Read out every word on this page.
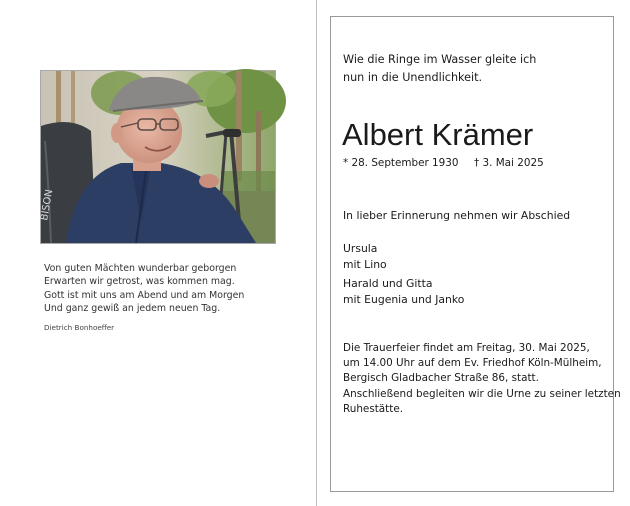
BISON
Von guten Mächten wunderbar geborgen
Erwarten wir getrost, was kommen mag.
Gott ist mit uns am Abend und am Morgen
Und ganz gewiß an jedem neuen Tag.
Dietrich Bonhoeffer
Wie die Ringe im Wasser gleite ich
nun in die Unendlichkeit.
Albert Krämer
* 28. September 1930 † 3. Mai 2025
In lieber Erinnerung nehmen wir Abschied
Ursula
mit Lino
Harald und Gitta
mit Eugenia und Janko
Die Trauerfeier findet am Freitag, 30. Mai 2025,
um 14.00 Uhr auf dem Ev. Friedhof Köln-Mülheim,
Bergisch Gladbacher Straße 86, statt.
Anschließend begleiten wir die Urne zu seiner letzten
Ruhestätte.
